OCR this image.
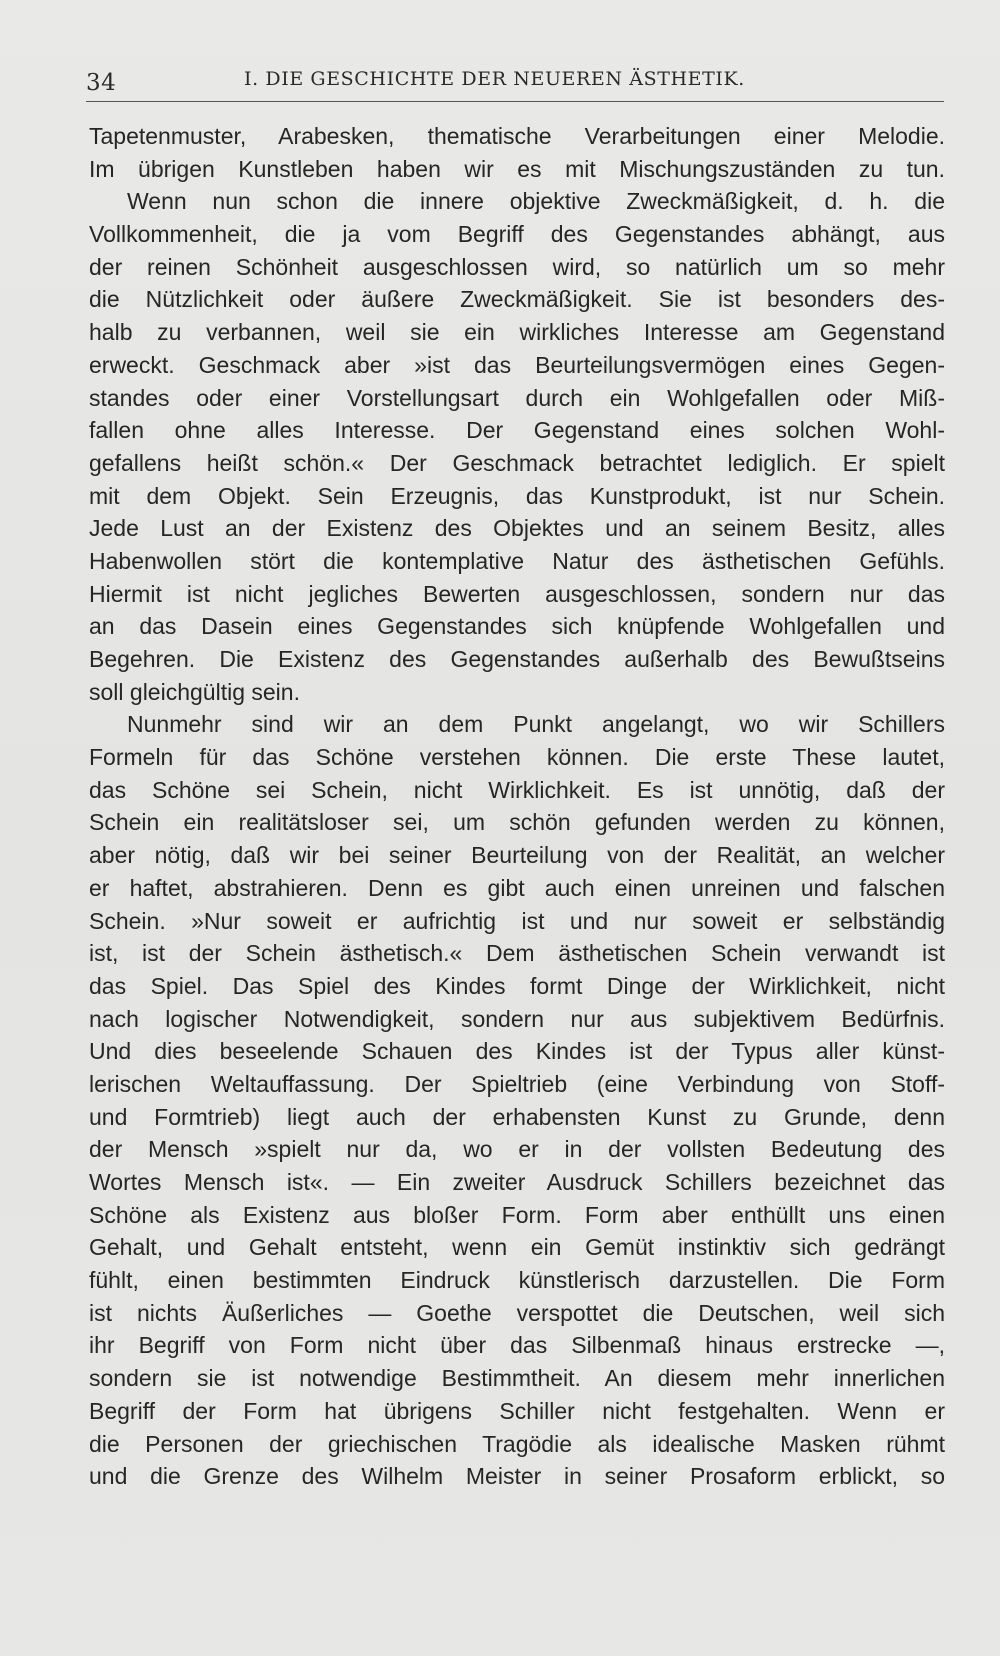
34	I. DIE GESCHICHTE DER NEUEREN ÄSTHETIK.
Tapetenmuster, Arabesken, thematische Verarbeitungen einer Melodie.
Im übrigen Kunstleben haben wir es mit Mischungszuständen zu tun.
Wenn nun schon die innere objektive Zweckmäßigkeit, d. h. die
Vollkommenheit, die ja vom Begriff des Gegenstandes abhängt, aus
der reinen Schönheit ausgeschlossen wird, so natürlich um so mehr
die Nützlichkeit oder äußere Zweckmäßigkeit. Sie ist besonders des-
halb zu verbannen, weil sie ein wirkliches Interesse am Gegenstand
erweckt. Geschmack aber »ist das Beurteilungsvermögen eines Gegen-
standes oder einer Vorstellungsart durch ein Wohlgefallen oder Miß-
fallen ohne alles Interesse. Der Gegenstand eines solchen Wohl-
gefallens heißt schön.« Der Geschmack betrachtet lediglich. Er spielt
mit dem Objekt. Sein Erzeugnis, das Kunstprodukt, ist nur Schein.
Jede Lust an der Existenz des Objektes und an seinem Besitz, alles
Habenwollen stört die kontemplative Natur des ästhetischen Gefühls.
Hiermit ist nicht jegliches Bewerten ausgeschlossen, sondern nur das
an das Dasein eines Gegenstandes sich knüpfende Wohlgefallen und
Begehren. Die Existenz des Gegenstandes außerhalb des Bewußtseins
soll gleichgültig sein.
Nunmehr sind wir an dem Punkt angelangt, wo wir Schillers
Formeln für das Schöne verstehen können. Die erste These lautet,
das Schöne sei Schein, nicht Wirklichkeit. Es ist unnötig, daß der
Schein ein realitätsloser sei, um schön gefunden werden zu können,
aber nötig, daß wir bei seiner Beurteilung von der Realität, an welcher
er haftet, abstrahieren. Denn es gibt auch einen unreinen und falschen
Schein. »Nur soweit er aufrichtig ist und nur soweit er selbständig
ist, ist der Schein ästhetisch.« Dem ästhetischen Schein verwandt ist
das Spiel. Das Spiel des Kindes formt Dinge der Wirklichkeit, nicht
nach logischer Notwendigkeit, sondern nur aus subjektivem Bedürfnis.
Und dies beseelende Schauen des Kindes ist der Typus aller künst-
lerischen Weltauffassung. Der Spieltrieb (eine Verbindung von Stoff-
und Formtrieb) liegt auch der erhabensten Kunst zu Grunde, denn
der Mensch »spielt nur da, wo er in der vollsten Bedeutung des
Wortes Mensch ist«. — Ein zweiter Ausdruck Schillers bezeichnet das
Schöne als Existenz aus bloßer Form. Form aber enthüllt uns einen
Gehalt, und Gehalt entsteht, wenn ein Gemüt instinktiv sich gedrängt
fühlt, einen bestimmten Eindruck künstlerisch darzustellen. Die Form
ist nichts Äußerliches — Goethe verspottet die Deutschen, weil sich
ihr Begriff von Form nicht über das Silbenmaß hinaus erstrecke —,
sondern sie ist notwendige Bestimmtheit. An diesem mehr innerlichen
Begriff der Form hat übrigens Schiller nicht festgehalten. Wenn er
die Personen der griechischen Tragödie als idealische Masken rühmt
und die Grenze des Wilhelm Meister in seiner Prosaform erblickt, so
